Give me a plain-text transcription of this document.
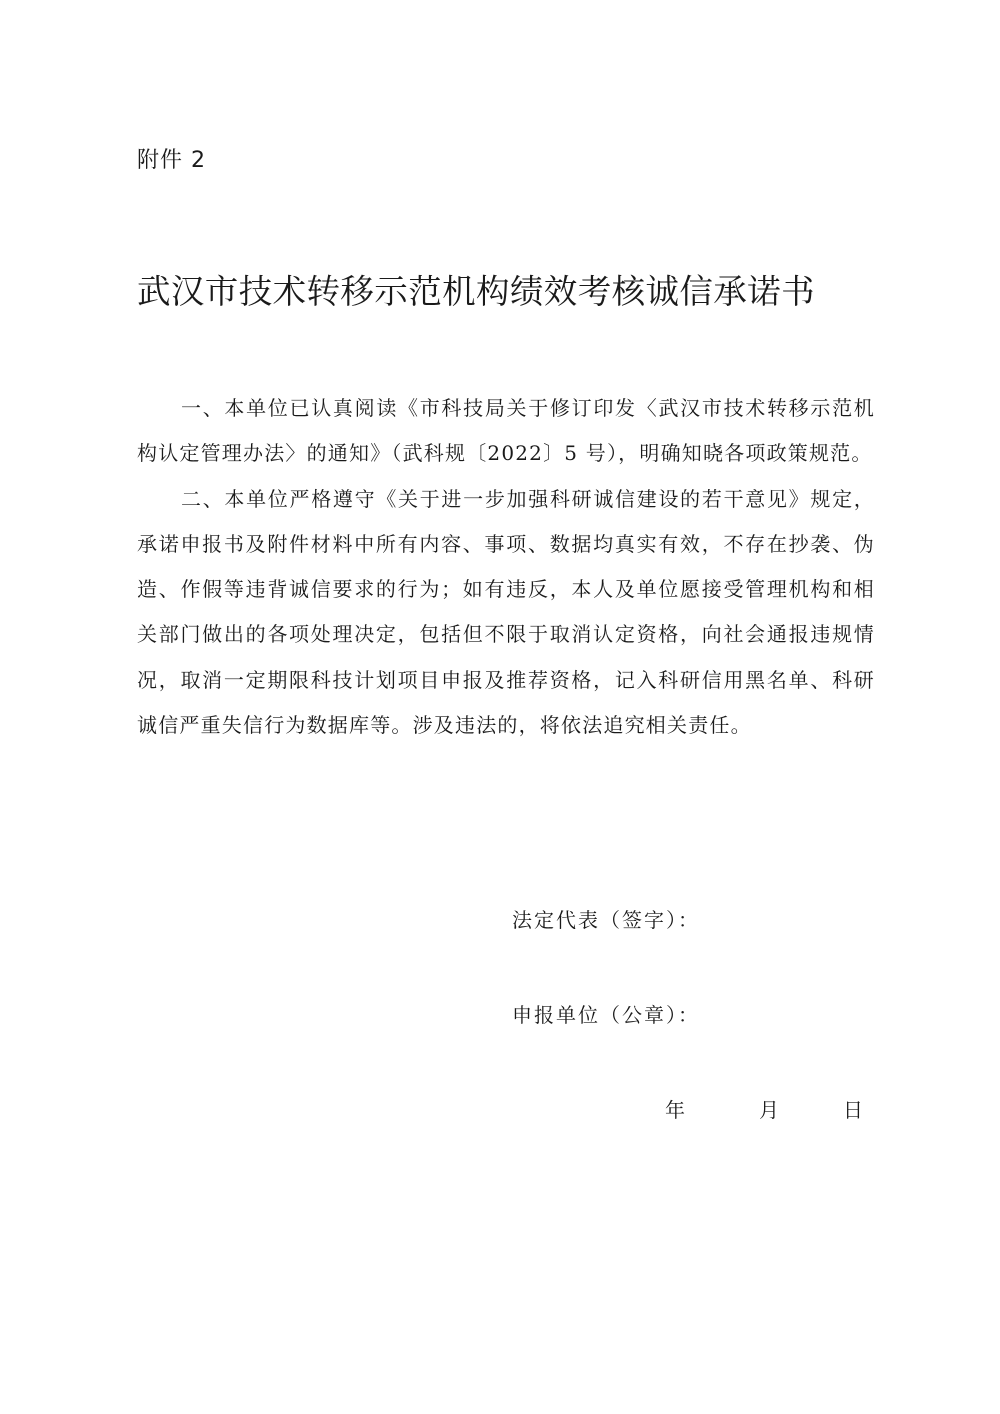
附件 2
武汉市技术转移示范机构绩效考核诚信承诺书

一、本单位已认真阅读《市科技局关于修订印发〈武汉市技术转移示范机构认定管理办法〉的通知》（武科规〔2022〕5 号），明确知晓各项政策规范。

二、本单位严格遵守《关于进一步加强科研诚信建设的若干意见》规定，承诺申报书及附件材料中所有内容、事项、数据均真实有效，不存在抄袭、伪造、作假等违背诚信要求的行为；如有违反，本人及单位愿接受管理机构和相关部门做出的各项处理决定，包括但不限于取消认定资格，向社会通报违规情况，取消一定期限科技计划项目申报及推荐资格，记入科研信用黑名单、科研诚信严重失信行为数据库等。涉及违法的，将依法追究相关责任。

法定代表（签字）：
申报单位（公章）：
年	月	日
